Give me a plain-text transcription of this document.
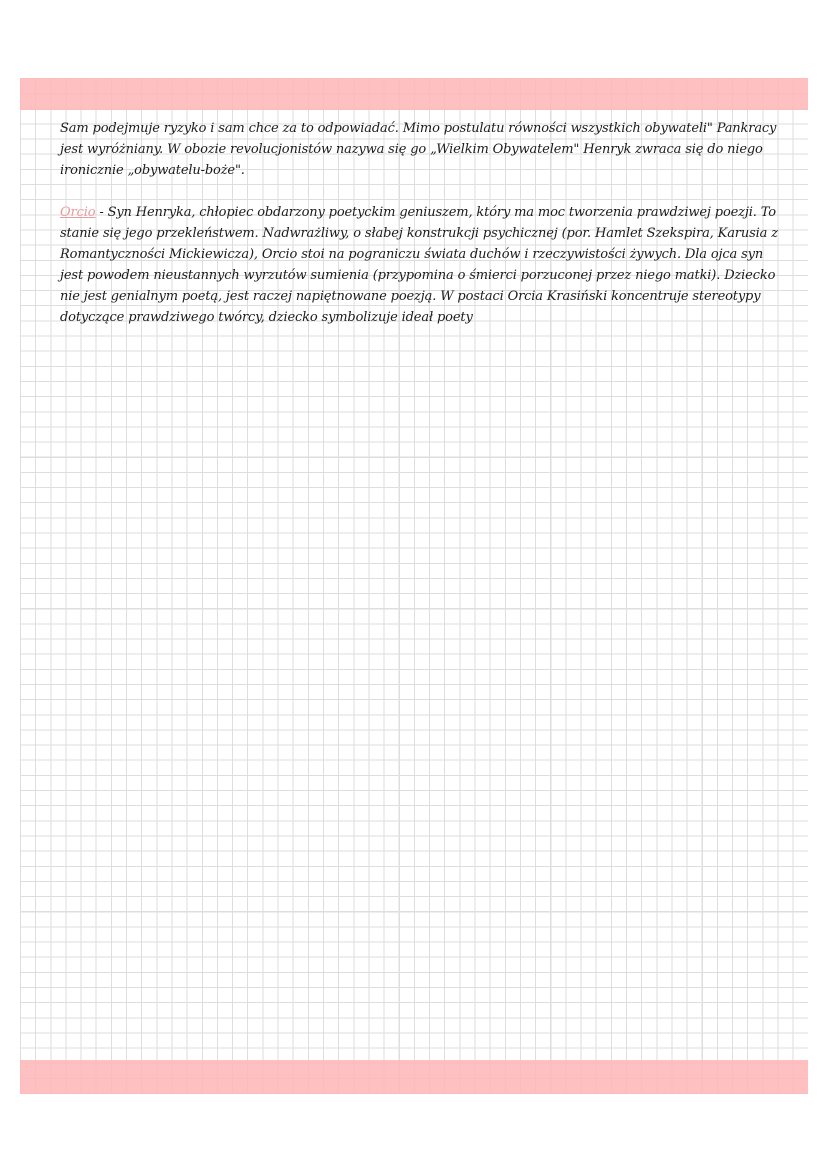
Sam podejmuje ryzyko i sam chce za to odpowiadać. Mimo postulatu równości wszystkich obywateli" Pankracy jest wyróżniany. W obozie revolucjonistów nazywa się go „Wielkim Obywatelem" Henryk zwraca się do niego ironicznie „obywatelu-boże".

Orcio - Syn Henryka, chłopiec obdarzony poetyckim geniuszem, który ma moc tworzenia prawdziwej poezji. To stanie się jego przekleństwem. Nadwrażliwy, o słabej konstrukcji psychicznej (por. Hamlet Szekspira, Karusia z Romantyczności Mickiewicza), Orcio stoi na pograniczu świata duchów i rzeczywistości żywych. Dla ojca syn jest powodem nieustannych wyrzutów sumienia (przypomina o śmierci porzuconej przez niego matki). Dziecko nie jest genialnym poetą, jest raczej napiętnowane poezją. W postaci Orcia Krasiński koncentruje stereotypy dotyczące prawdziwego twórcy, dziecko symbolizuje ideał poety
